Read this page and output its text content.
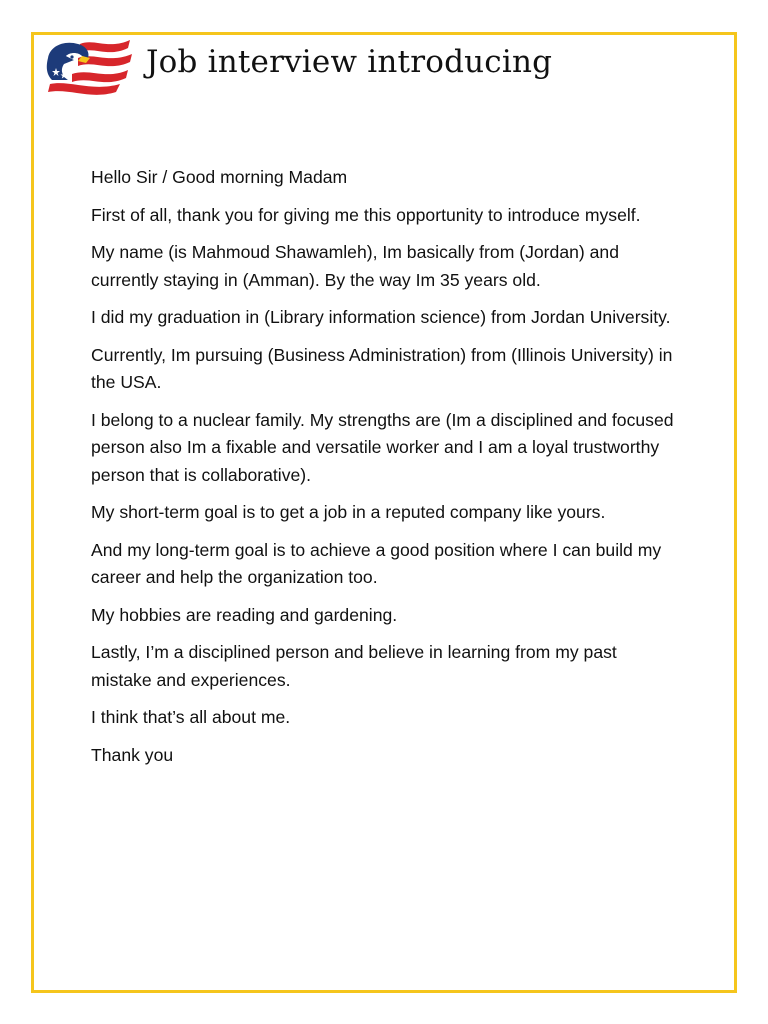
Job interview introducing

Hello Sir / Good morning Madam

First of all, thank you for giving me this opportunity to introduce myself.

My name (is Mahmoud Shawamleh), Im basically from (Jordan) and currently staying in (Amman). By the way Im 35 years old.

I did my graduation in (Library information science) from Jordan University.

Currently, Im pursuing (Business Administration) from (Illinois University) in the USA.

I belong to a nuclear family. My strengths are (Im a disciplined and focused person also Im a fixable and versatile worker and I am a loyal trustworthy person that is collaborative).

My short-term goal is to get a job in a reputed company like yours.

And my long-term goal is to achieve a good position where I can build my career and help the organization too.

My hobbies are reading and gardening.

Lastly, I’m a disciplined person and believe in learning from my past mistake and experiences.

I think that’s all about me.

Thank you
